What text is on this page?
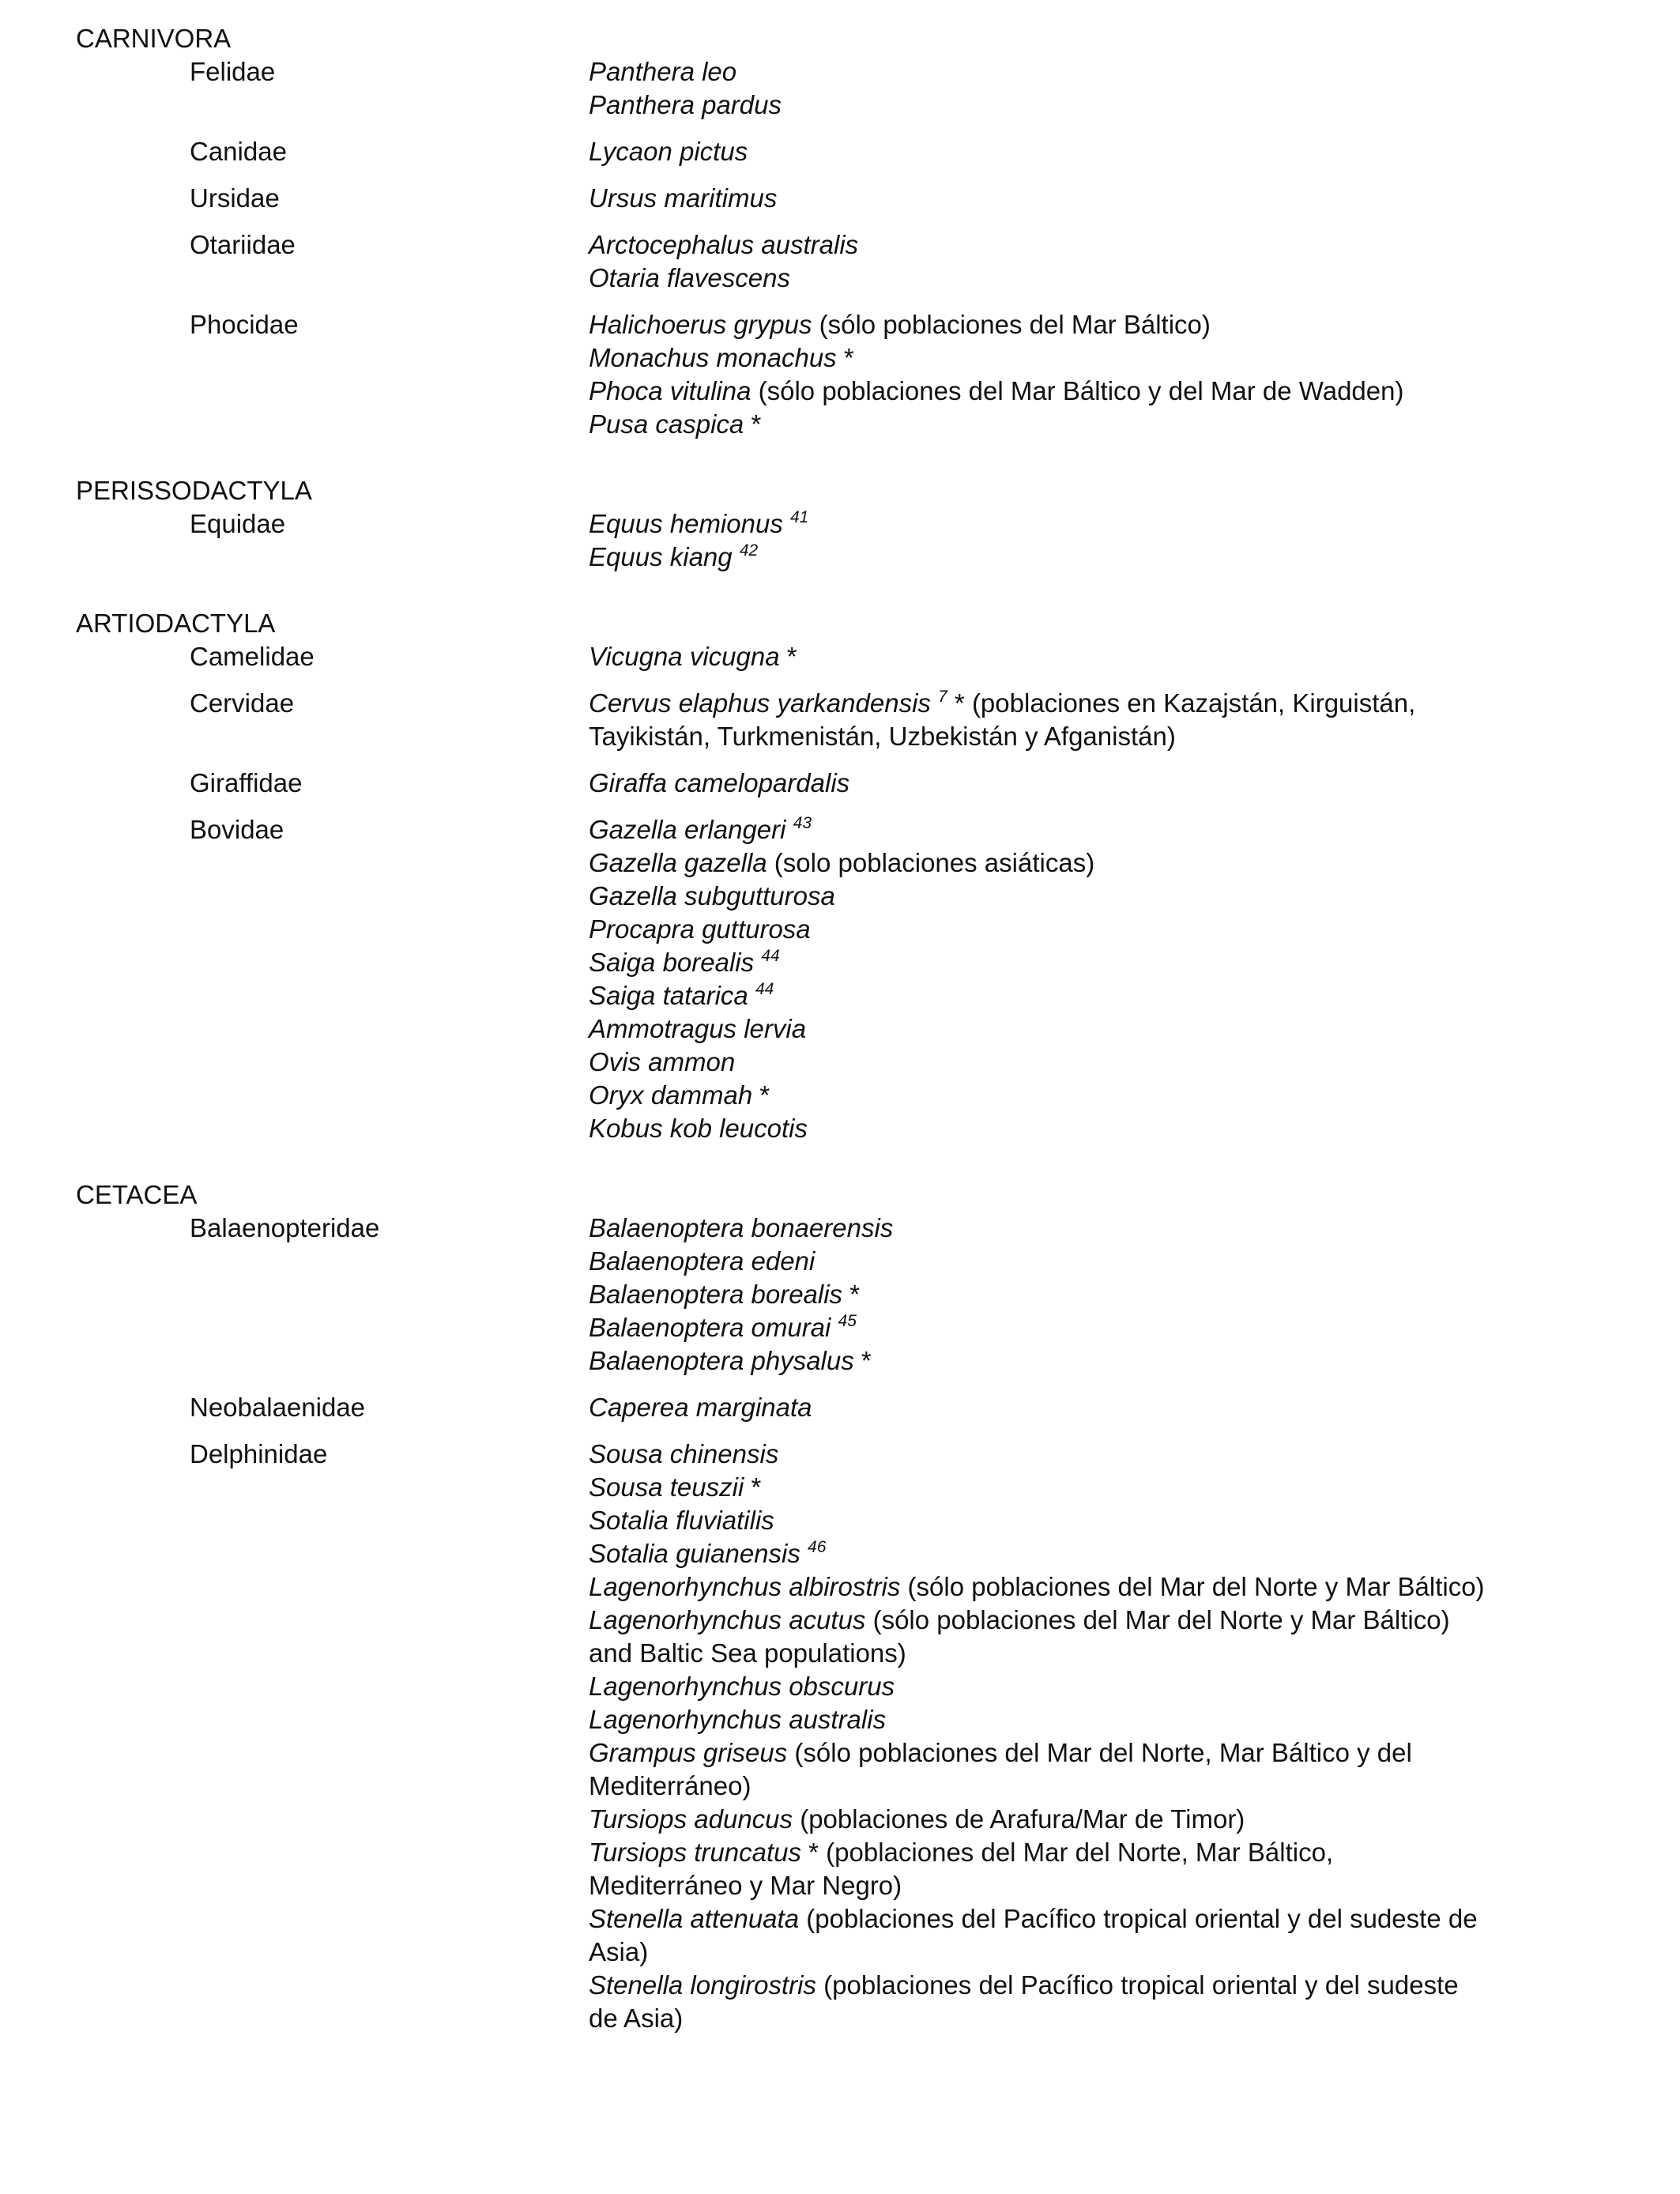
CARNIVORA
Felidae	Panthera leo
Panthera pardus
Canidae	Lycaon pictus
Ursidae	Ursus maritimus
Otariidae	Arctocephalus australis
Otaria flavescens
Phocidae	Halichoerus grypus (sólo poblaciones del Mar Báltico)
Monachus monachus *
Phoca vitulina (sólo poblaciones del Mar Báltico y del Mar de Wadden)
Pusa caspica *
PERISSODACTYLA
Equidae	Equus hemionus $^{41}$
Equus kiang $^{42}$
ARTIODACTYLA
Camelidae	Vicugna vicugna *
Cervidae	Cervus elaphus yarkandensis $^7$ * (poblaciones en Kazajstán, Kirguistán,
Tayikistán, Turkmenistán, Uzbekistán y Afganistán)
Giraffidae	Giraffa camelopardalis
Bovidae	Gazella erlangeri $^{43}$
Gazella gazella (solo poblaciones asiáticas)
Gazella subgutturosa
Procapra gutturosa
Saiga borealis $^{44}$
Saiga tatarica $^{44}$
Ammotragus lervia
Ovis ammon
Oryx dammah *
Kobus kob leucotis
CETACEA
Balaenopteridae	Balaenoptera bonaerensis
Balaenoptera edeni
Balaenoptera borealis *
Balaenoptera omurai $^{45}$
Balaenoptera physalus *
Neobalaenidae	Caperea marginata
Delphinidae	Sousa chinensis
Sousa teuszii *
Sotalia fluviatilis
Sotalia guianensis $^{46}$
Lagenorhynchus albirostris (sólo poblaciones del Mar del Norte y Mar Báltico)
Lagenorhynchus acutus (sólo poblaciones del Mar del Norte y Mar Báltico)
and Baltic Sea populations)
Lagenorhynchus obscurus
Lagenorhynchus australis
Grampus griseus (sólo poblaciones del Mar del Norte, Mar Báltico y del
Mediterráneo)
Tursiops aduncus (poblaciones de Arafura/Mar de Timor)
Tursiops truncatus * (poblaciones del Mar del Norte, Mar Báltico,
Mediterráneo y Mar Negro)
Stenella attenuata (poblaciones del Pacífico tropical oriental y del sudeste de
Asia)
Stenella longirostris (poblaciones del Pacífico tropical oriental y del sudeste
de Asia)
